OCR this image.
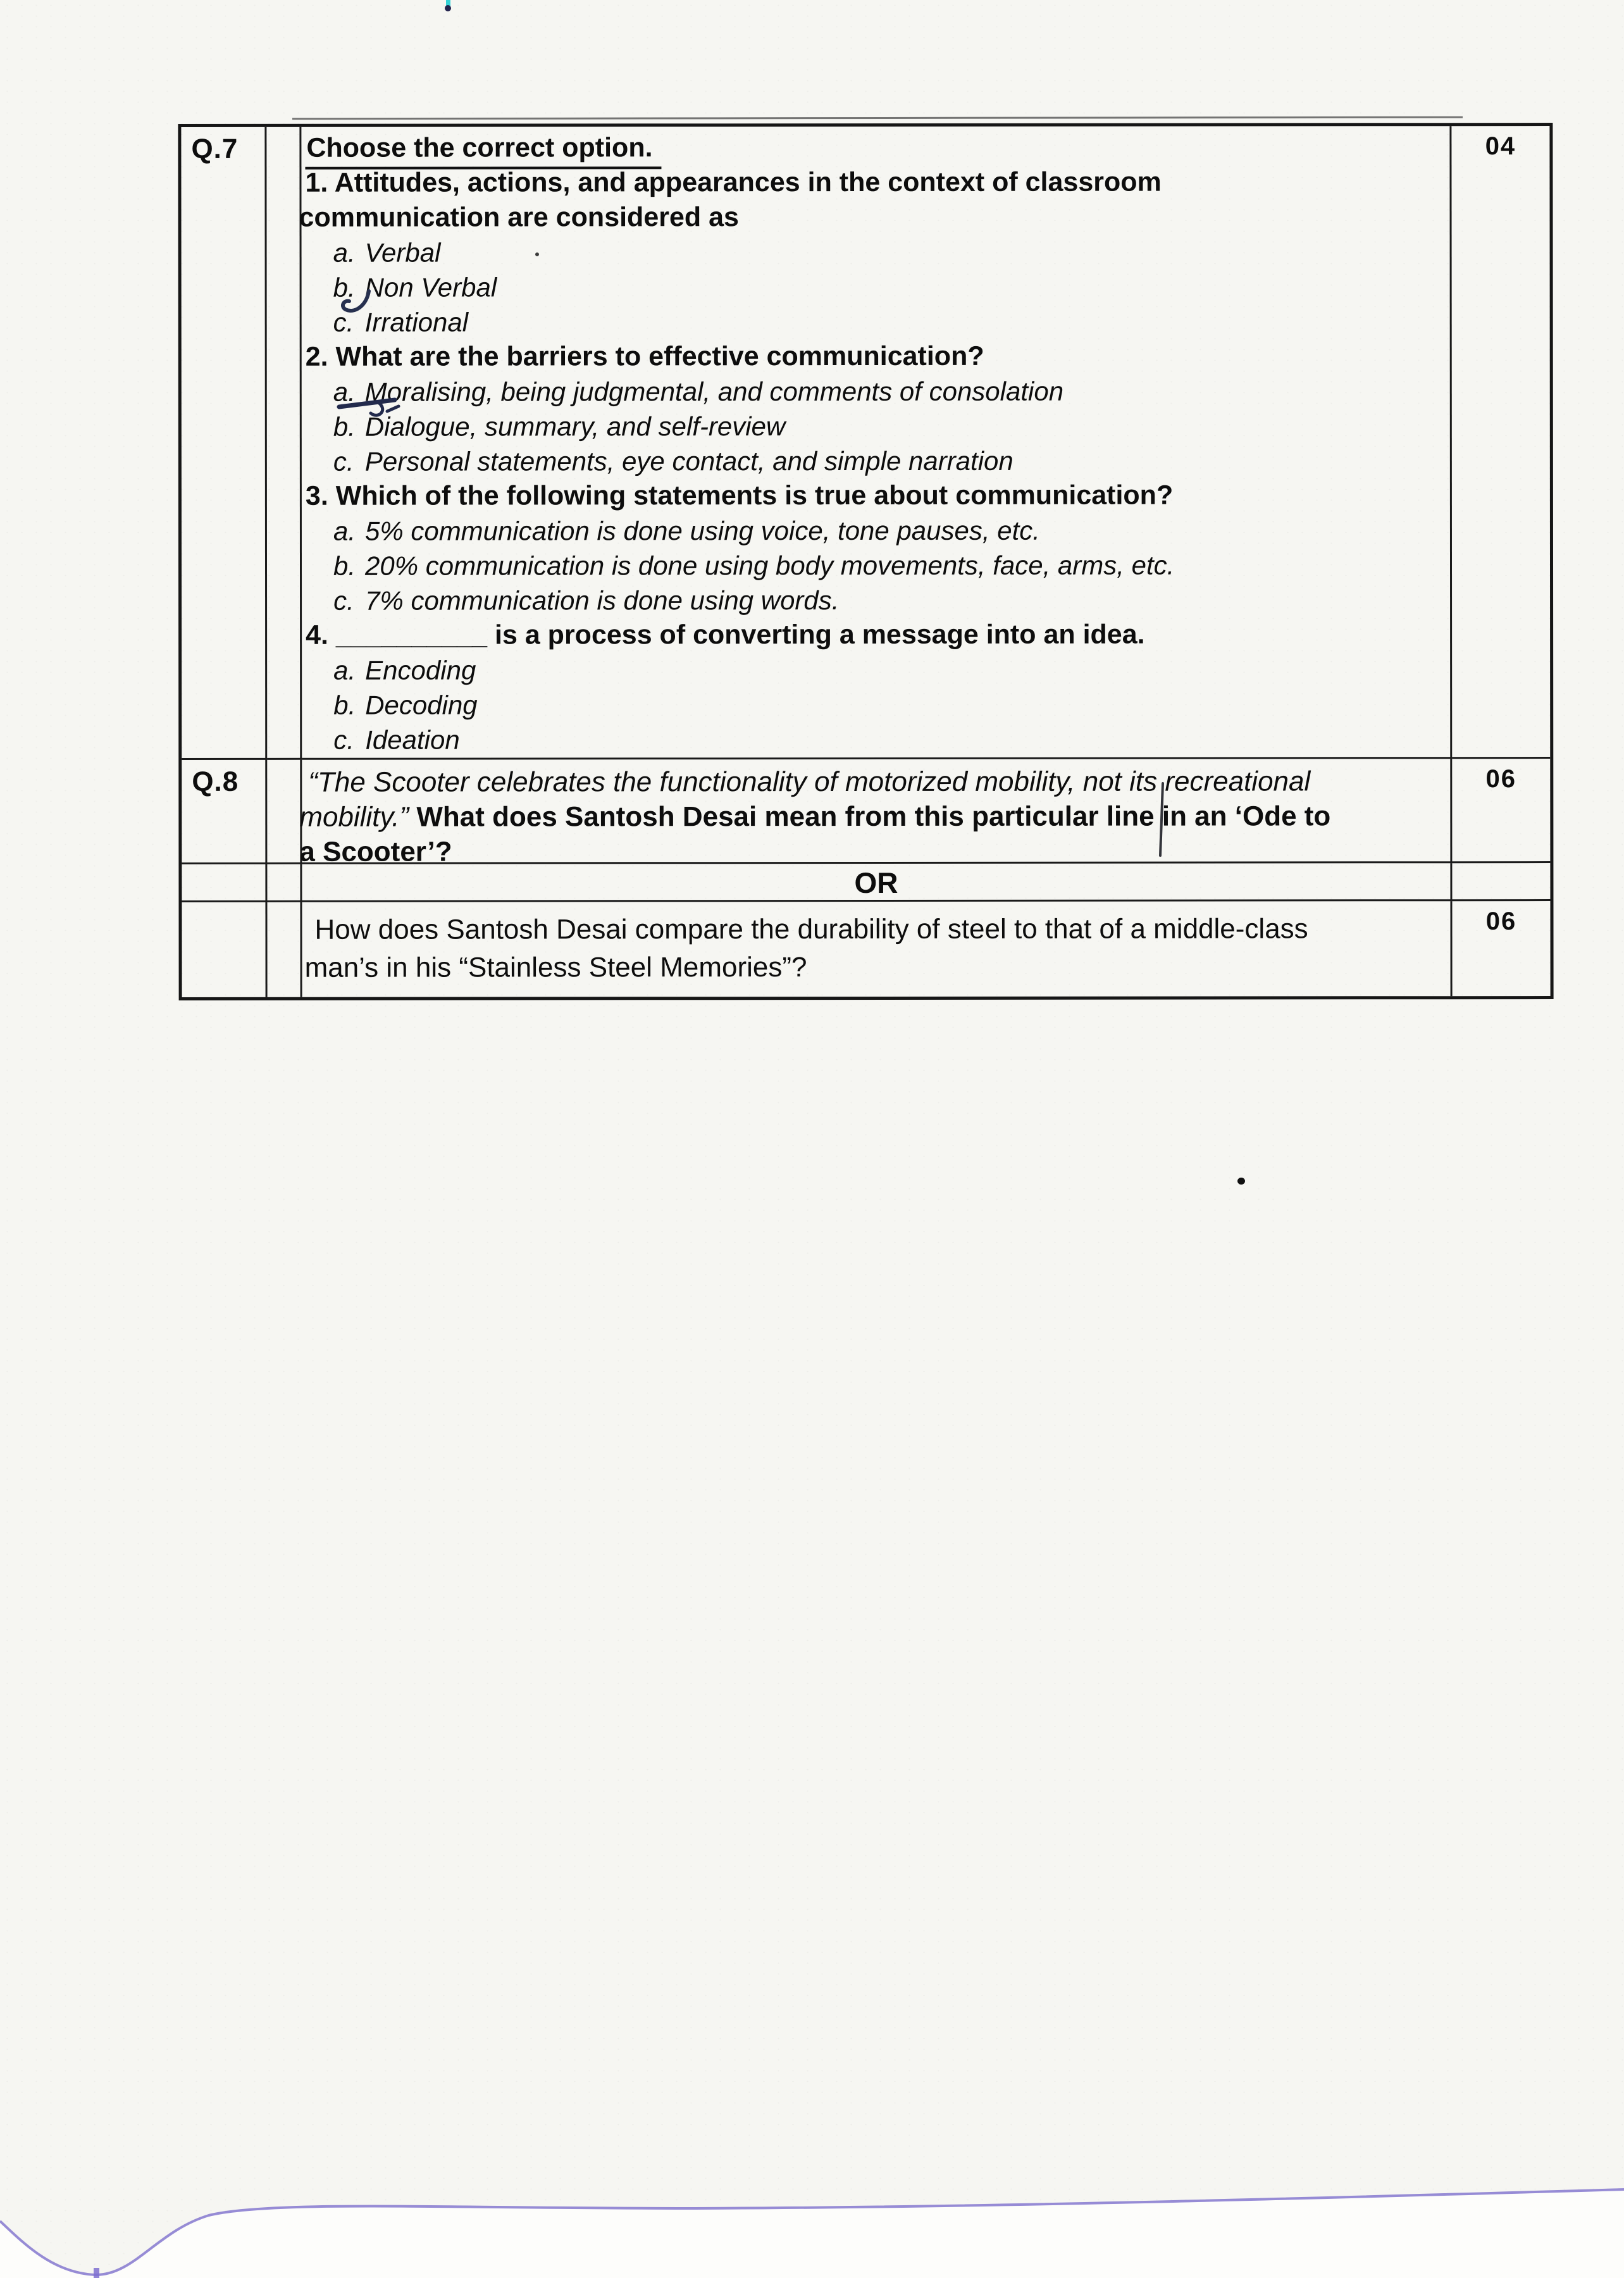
Q.7	Choose the correct option.
1. Attitudes, actions, and appearances in the context of classroom
communication are considered as
a. Verbal
b. Non Verbal
c. Irrational
2. What are the barriers to effective communication?
a. Moralising, being judgmental, and comments of consolation
b. Dialogue, summary, and self-review
c. Personal statements, eye contact, and simple narration
3. Which of the following statements is true about communication?
a. 5% communication is done using voice, tone pauses, etc.
b. 20% communication is done using body movements, face, arms, etc.
c. 7% communication is done using words.
4. __________ is a process of converting a message into an idea.
a. Encoding
b. Decoding
c. Ideation
04
Q.8	“The Scooter celebrates the functionality of motorized mobility, not its recreational
mobility.” What does Santosh Desai mean from this particular line in an ‘Ode to
a Scooter’?
06
OR
How does Santosh Desai compare the durability of steel to that of a middle-class
man’s in his “Stainless Steel Memories”?
06
